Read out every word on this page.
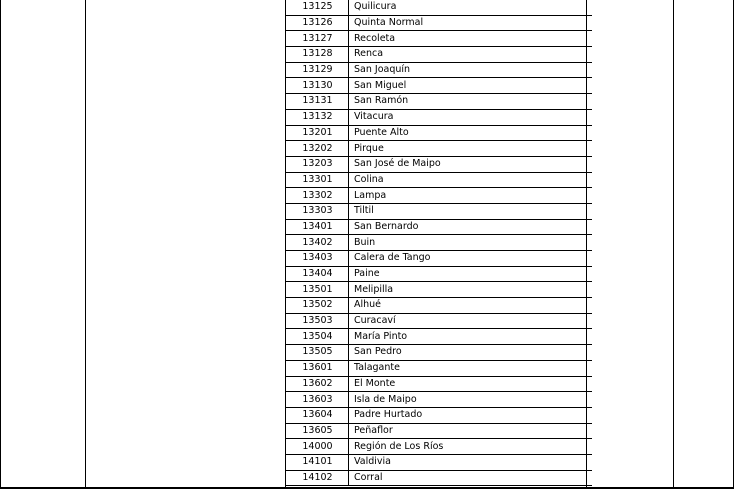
13125	Quilicura
13126	Quinta Normal
13127	Recoleta
13128	Renca
13129	San Joaquín
13130	San Miguel
13131	San Ramón
13132	Vitacura
13201	Puente Alto
13202	Pirque
13203	San José de Maipo
13301	Colina
13302	Lampa
13303	Tiltil
13401	San Bernardo
13402	Buin
13403	Calera de Tango
13404	Paine
13501	Melipilla
13502	Alhué
13503	Curacaví
13504	María Pinto
13505	San Pedro
13601	Talagante
13602	El Monte
13603	Isla de Maipo
13604	Padre Hurtado
13605	Peñaflor
14000	Región de Los Ríos
14101	Valdivia
14102	Corral
